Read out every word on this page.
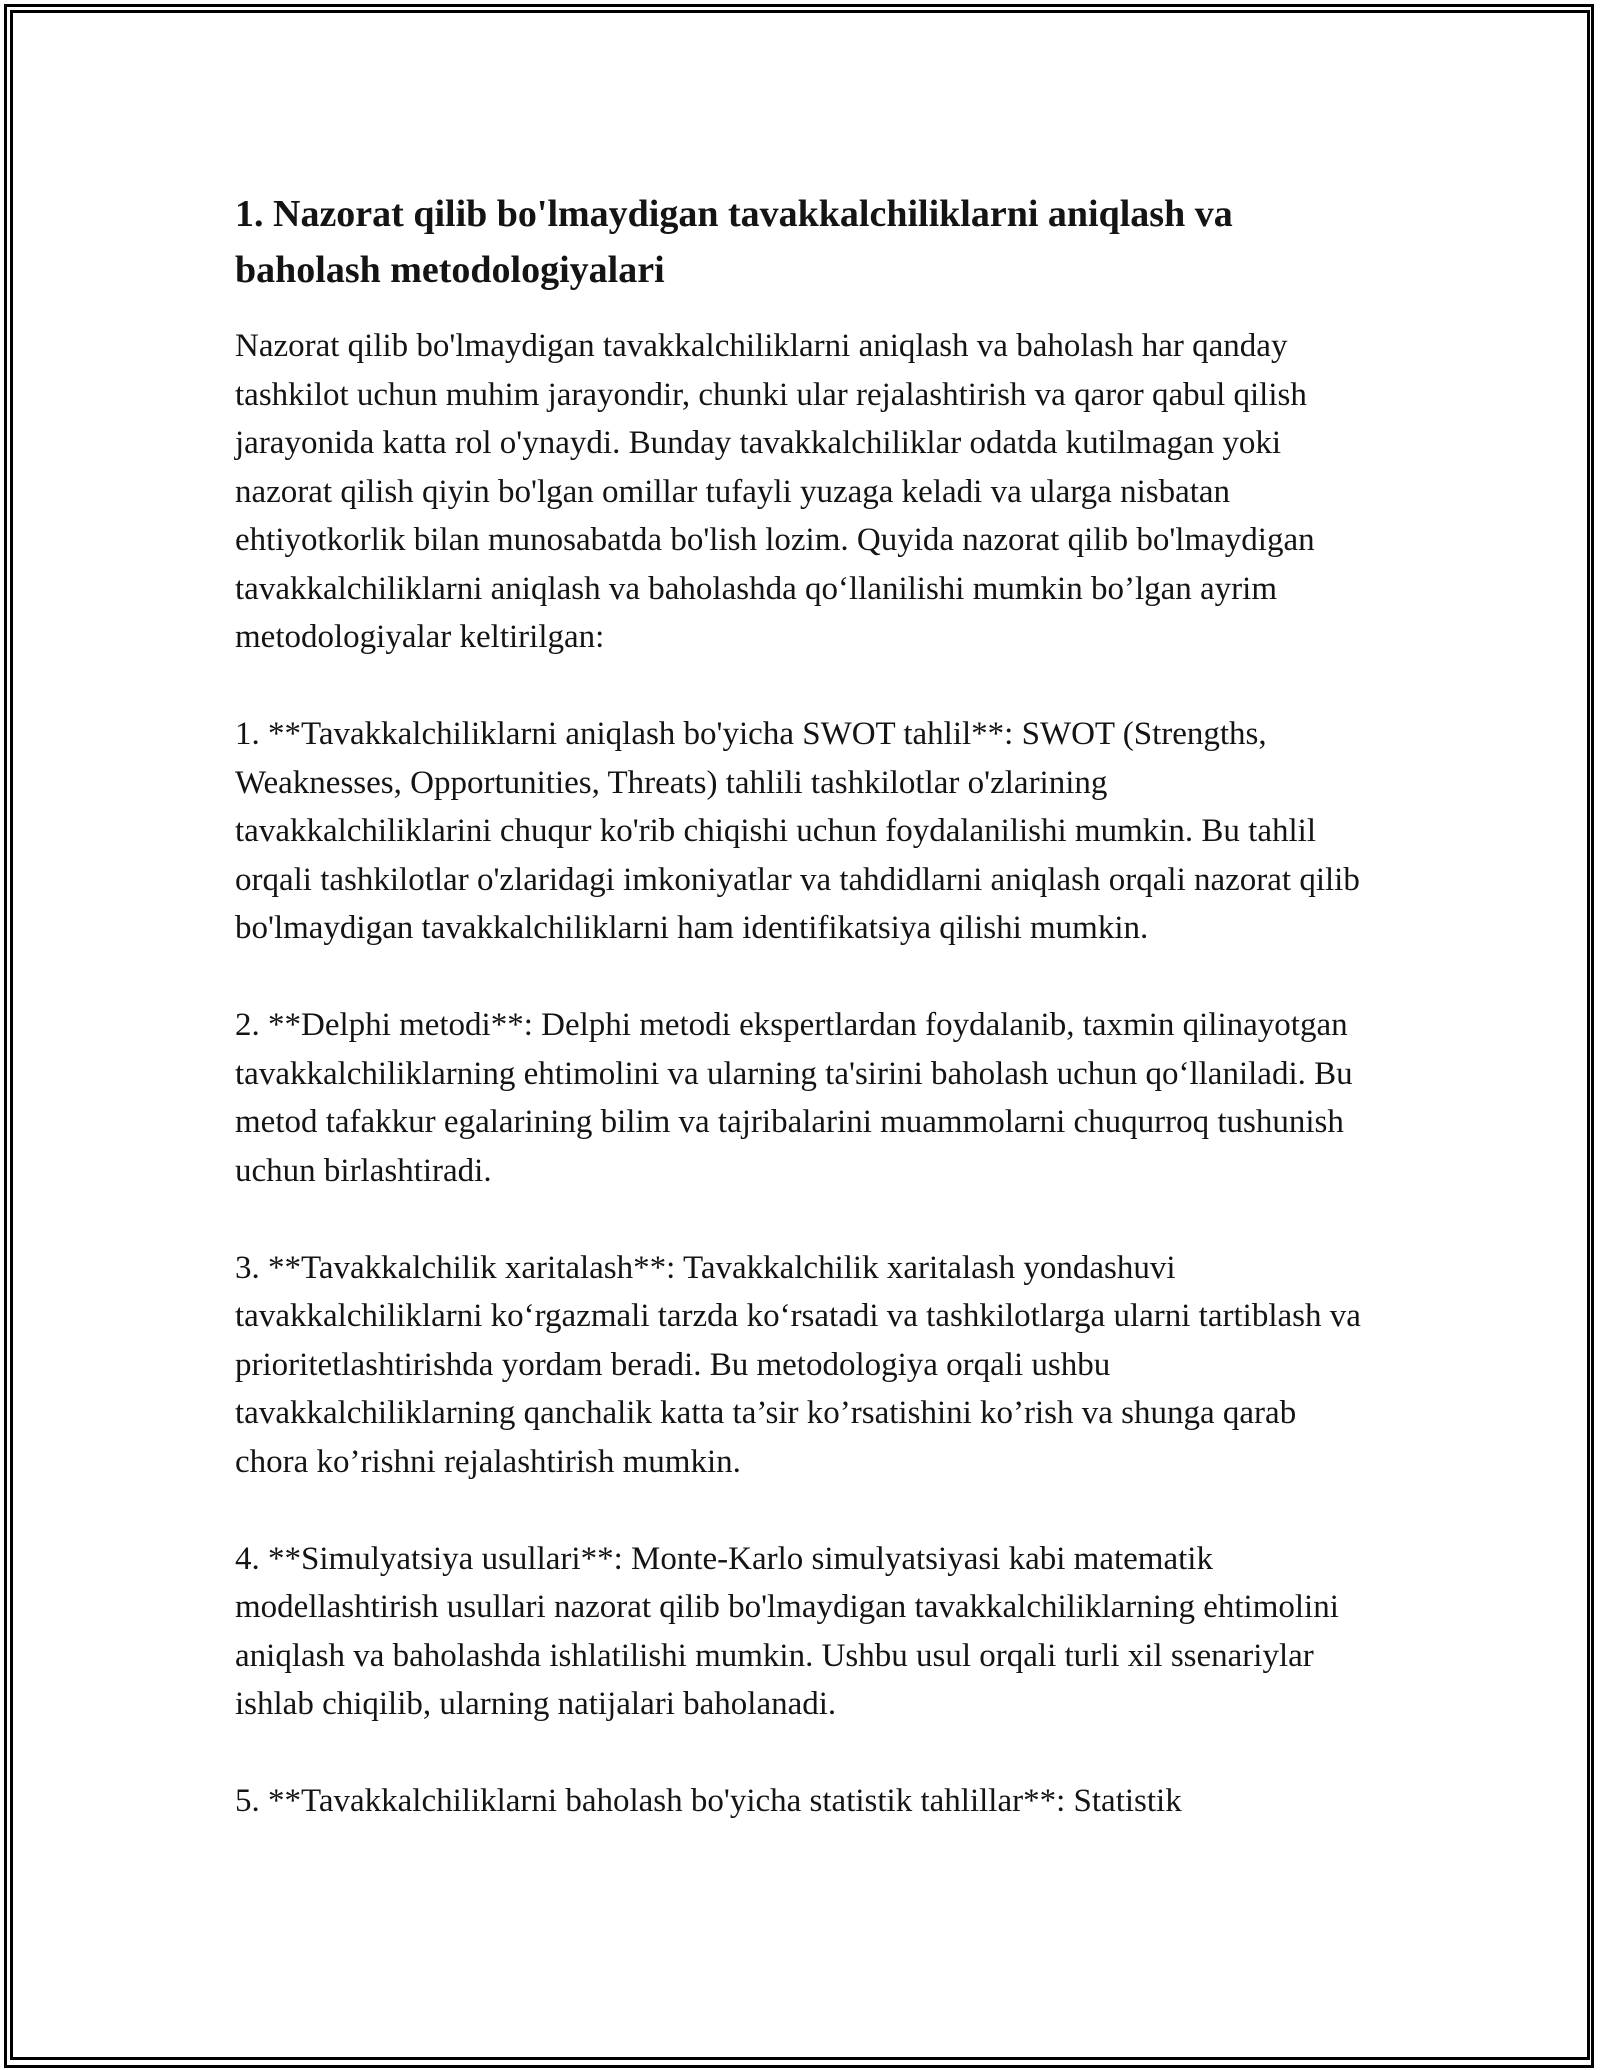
1. Nazorat qilib bo'lmaydigan tavakkalchiliklarni aniqlash va baholash metodologiyalari

Nazorat qilib bo'lmaydigan tavakkalchiliklarni aniqlash va baholash har qanday tashkilot uchun muhim jarayondir, chunki ular rejalashtirish va qaror qabul qilish jarayonida katta rol o'ynaydi. Bunday tavakkalchiliklar odatda kutilmagan yoki nazorat qilish qiyin bo'lgan omillar tufayli yuzaga keladi va ularga nisbatan ehtiyotkorlik bilan munosabatda bo'lish lozim. Quyida nazorat qilib bo'lmaydigan tavakkalchiliklarni aniqlash va baholashda qo‘llanilishi mumkin bo’lgan ayrim metodologiyalar keltirilgan:

1. **Tavakkalchiliklarni aniqlash bo'yicha SWOT tahlil**: SWOT (Strengths, Weaknesses, Opportunities, Threats) tahlili tashkilotlar o'zlarining tavakkalchiliklarini chuqur ko'rib chiqishi uchun foydalanilishi mumkin. Bu tahlil orqali tashkilotlar o'zlaridagi imkoniyatlar va tahdidlarni aniqlash orqali nazorat qilib bo'lmaydigan tavakkalchiliklarni ham identifikatsiya qilishi mumkin.

2. **Delphi metodi**: Delphi metodi ekspertlardan foydalanib, taxmin qilinayotgan tavakkalchiliklarning ehtimolini va ularning ta'sirini baholash uchun qo‘llaniladi. Bu metod tafakkur egalarining bilim va tajribalarini muammolarni chuqurroq tushunish uchun birlashtiradi.

3. **Tavakkalchilik xaritalash**: Tavakkalchilik xaritalash yondashuvi tavakkalchiliklarni ko‘rgazmali tarzda ko‘rsatadi va tashkilotlarga ularni tartiblash va prioritetlashtirishda yordam beradi. Bu metodologiya orqali ushbu tavakkalchiliklarning qanchalik katta ta’sir ko’rsatishini ko’rish va shunga qarab chora ko’rishni rejalashtirish mumkin.

4. **Simulyatsiya usullari**: Monte-Karlo simulyatsiyasi kabi matematik modellashtirish usullari nazorat qilib bo'lmaydigan tavakkalchiliklarning ehtimolini aniqlash va baholashda ishlatilishi mumkin. Ushbu usul orqali turli xil ssenariylar ishlab chiqilib, ularning natijalari baholanadi.

5. **Tavakkalchiliklarni baholash bo'yicha statistik tahlillar**: Statistik
